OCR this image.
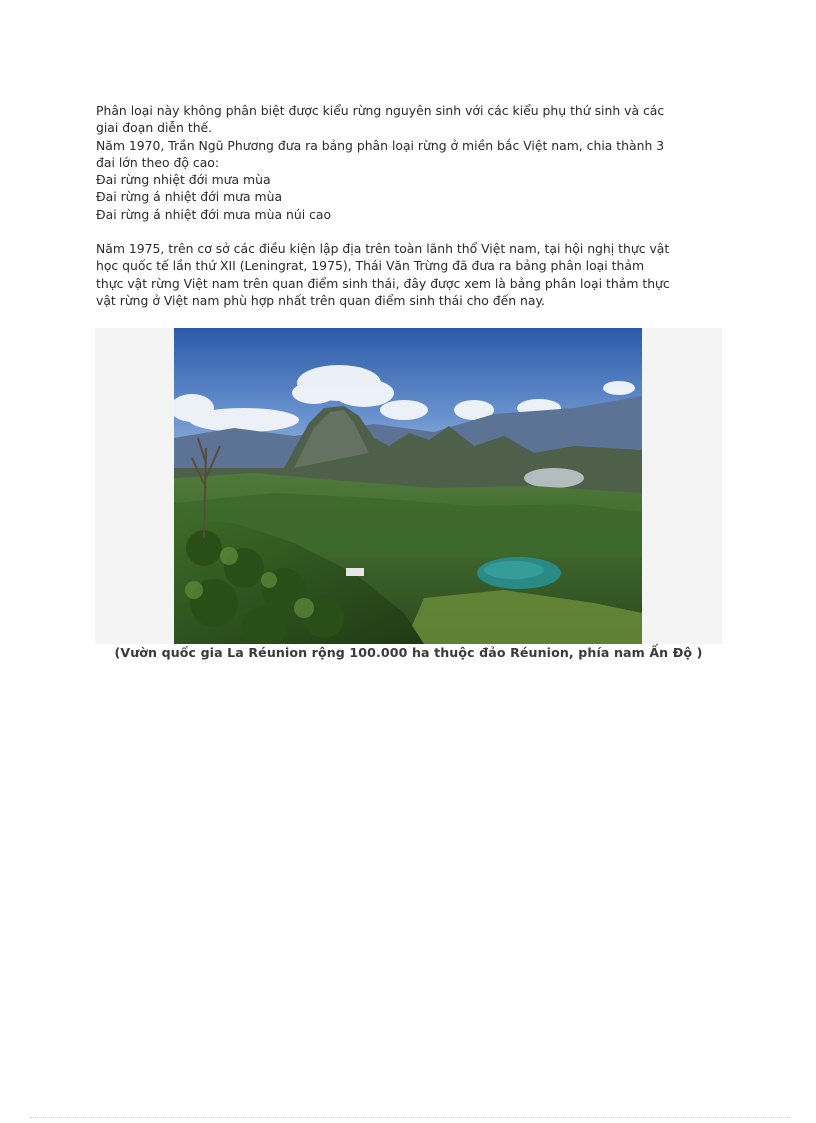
Phân loại này không phân biệt được kiểu rừng nguyên sinh với các kiểu phụ thứ sinh và các

giai đoạn diễn thế.

Năm 1970, Trần Ngũ Phương đưa ra bảng phân loại rừng ở miền bắc Việt nam, chia thành 3

đai lớn theo độ cao:

Đai rừng nhiệt đới mưa mùa

Đai rừng á nhiệt đới mưa mùa

Đai rừng á nhiệt đới mưa mùa núi cao

Năm 1975, trên cơ sở các điều kiện lập địa trên toàn lãnh thổ Việt nam, tại hội nghị thực vật

học quốc tế lần thứ XII (Leningrat, 1975), Thái Văn Trừng đã đưa ra bảng phân loại thảm

thực vật rừng Việt nam trên quan điểm sinh thái, đây được xem là bảng phân loại thảm thực

vật rừng ở Việt nam phù hợp nhất trên quan điểm sinh thái cho đến nay.

(Vườn quốc gia La Réunion rộng 100.000 ha thuộc đảo Réunion, phía nam Ấn Độ )
